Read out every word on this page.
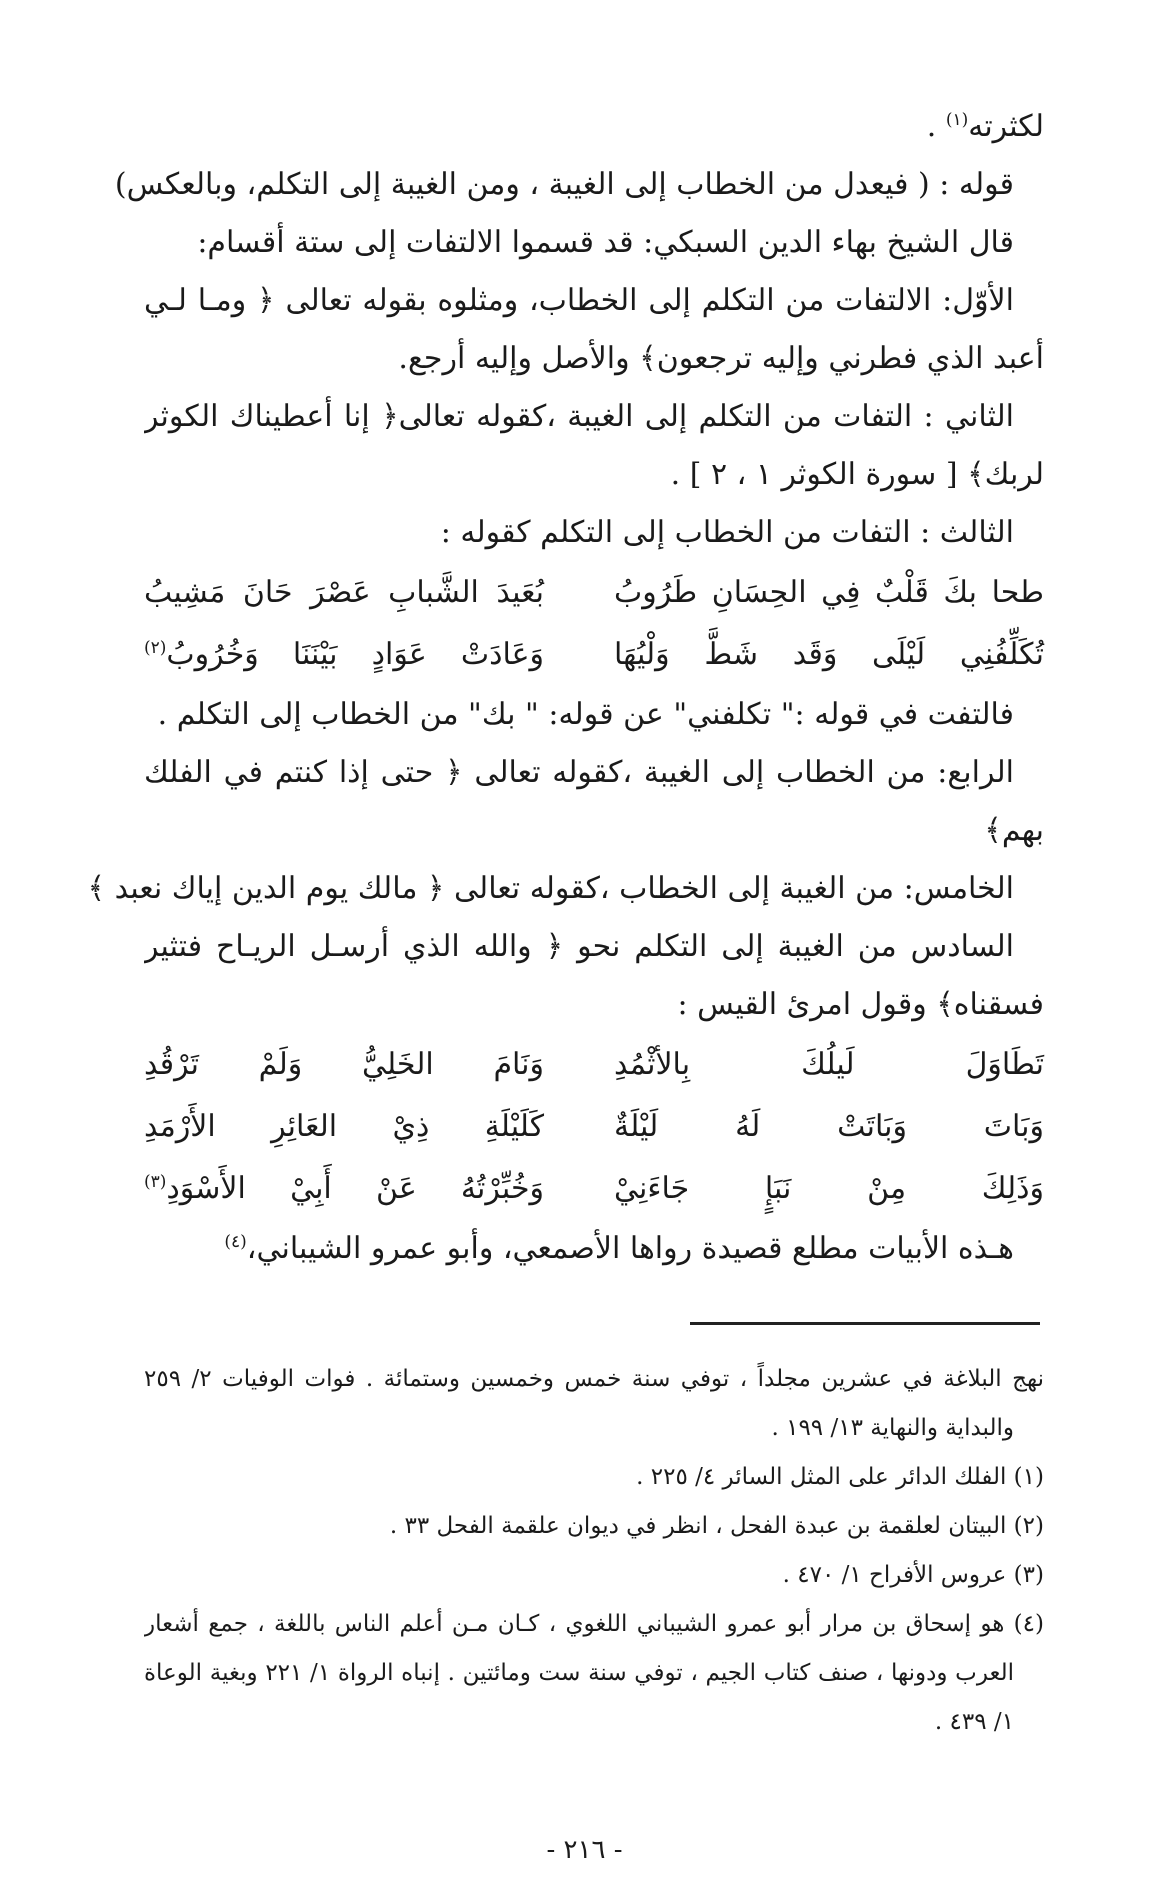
لكثرته$^{(١)}$ .
قوله : ( فيعدل من الخطاب إلى الغيبة ، ومن الغيبة إلى التكلم، وبالعكس)
قال الشيخ بهاء الدين السبكي: قد قسموا الالتفات إلى ستة أقسام:
الأوّل: الالتفات من التكلم إلى الخطاب، ومثلوه بقوله تعالى ﴿ ومـا لـي
أعبد الذي فطرني وإليه ترجعون﴾ والأصل وإليه أرجع.
الثاني : التفات من التكلم إلى الغيبة ،كقوله تعالى﴿ إنا أعطيناك الكوثر
لربك﴾ [ سورة الكوثر ١ ، ٢ ] .
الثالث : التفات من الخطاب إلى التكلم كقوله :
طحا بكَ قَلْبٌ فِي الحِسَانِ طَرُوبُ
بُعَيدَ الشَّبابِ عَصْرَ حَانَ مَشِيبُ
تُكَلِّفُنِي لَيْلَى وَقَد شَطَّ وَلْيُهَا
وَعَادَتْ عَوَادٍ بَيْنَنَا وَخُرُوبُ$^{(٢)}$
فالتفت في قوله :" تكلفني" عن قوله: " بك" من الخطاب إلى التكلم .
الرابع: من الخطاب إلى الغيبة ،كقوله تعالى ﴿ حتى إذا كنتم في الفلك
بهم﴾
الخامس: من الغيبة إلى الخطاب ،كقوله تعالى ﴿ مالك يوم الدين إياك نعبد ﴾
السادس من الغيبة إلى التكلم نحو ﴿ والله الذي أرسـل الريـاح فتثير
فسقناه﴾ وقول امرئ القيس :
تَطَاوَلَ لَيلُكَ بِالأثْمُدِ
وَنَامَ الخَلِيُّ وَلَمْ تَرْقُدِ
وَبَاتَ وَبَاتَتْ لَهُ لَيْلَةٌ
كَلَيْلَةِ ذِيْ العَائِرِ الأَرْمَدِ
وَذَلِكَ مِنْ نَبَإٍ جَاءَنِيْ
وَخُبِّرْتُهُ عَنْ أَبِيْ الأَسْوَدِ$^{(٣)}$
هـذه الأبيات مطلع قصيدة رواها الأصمعي، وأبو عمرو الشيباني،$^{(٤)}$
نهج البلاغة في عشرين مجلداً ، توفي سنة خمس وخمسين وستمائة . فوات الوفيات ٢/ ٢٥٩
والبداية والنهاية ١٣/ ١٩٩ .
(١) الفلك الدائر على المثل السائر ٤/ ٢٢٥ .
(٢) البيتان لعلقمة بن عبدة الفحل ، انظر في ديوان علقمة الفحل ٣٣ .
(٣) عروس الأفراح ١/ ٤٧٠ .
(٤) هو إسحاق بن مرار أبو عمرو الشيباني اللغوي ، كـان مـن أعلم الناس باللغة ، جمع أشعار
العرب ودونها ، صنف كتاب الجيم ، توفي سنة ست ومائتين . إنباه الرواة ١/ ٢٢١ وبغية الوعاة
١/ ٤٣٩ .
- ٢١٦ -
